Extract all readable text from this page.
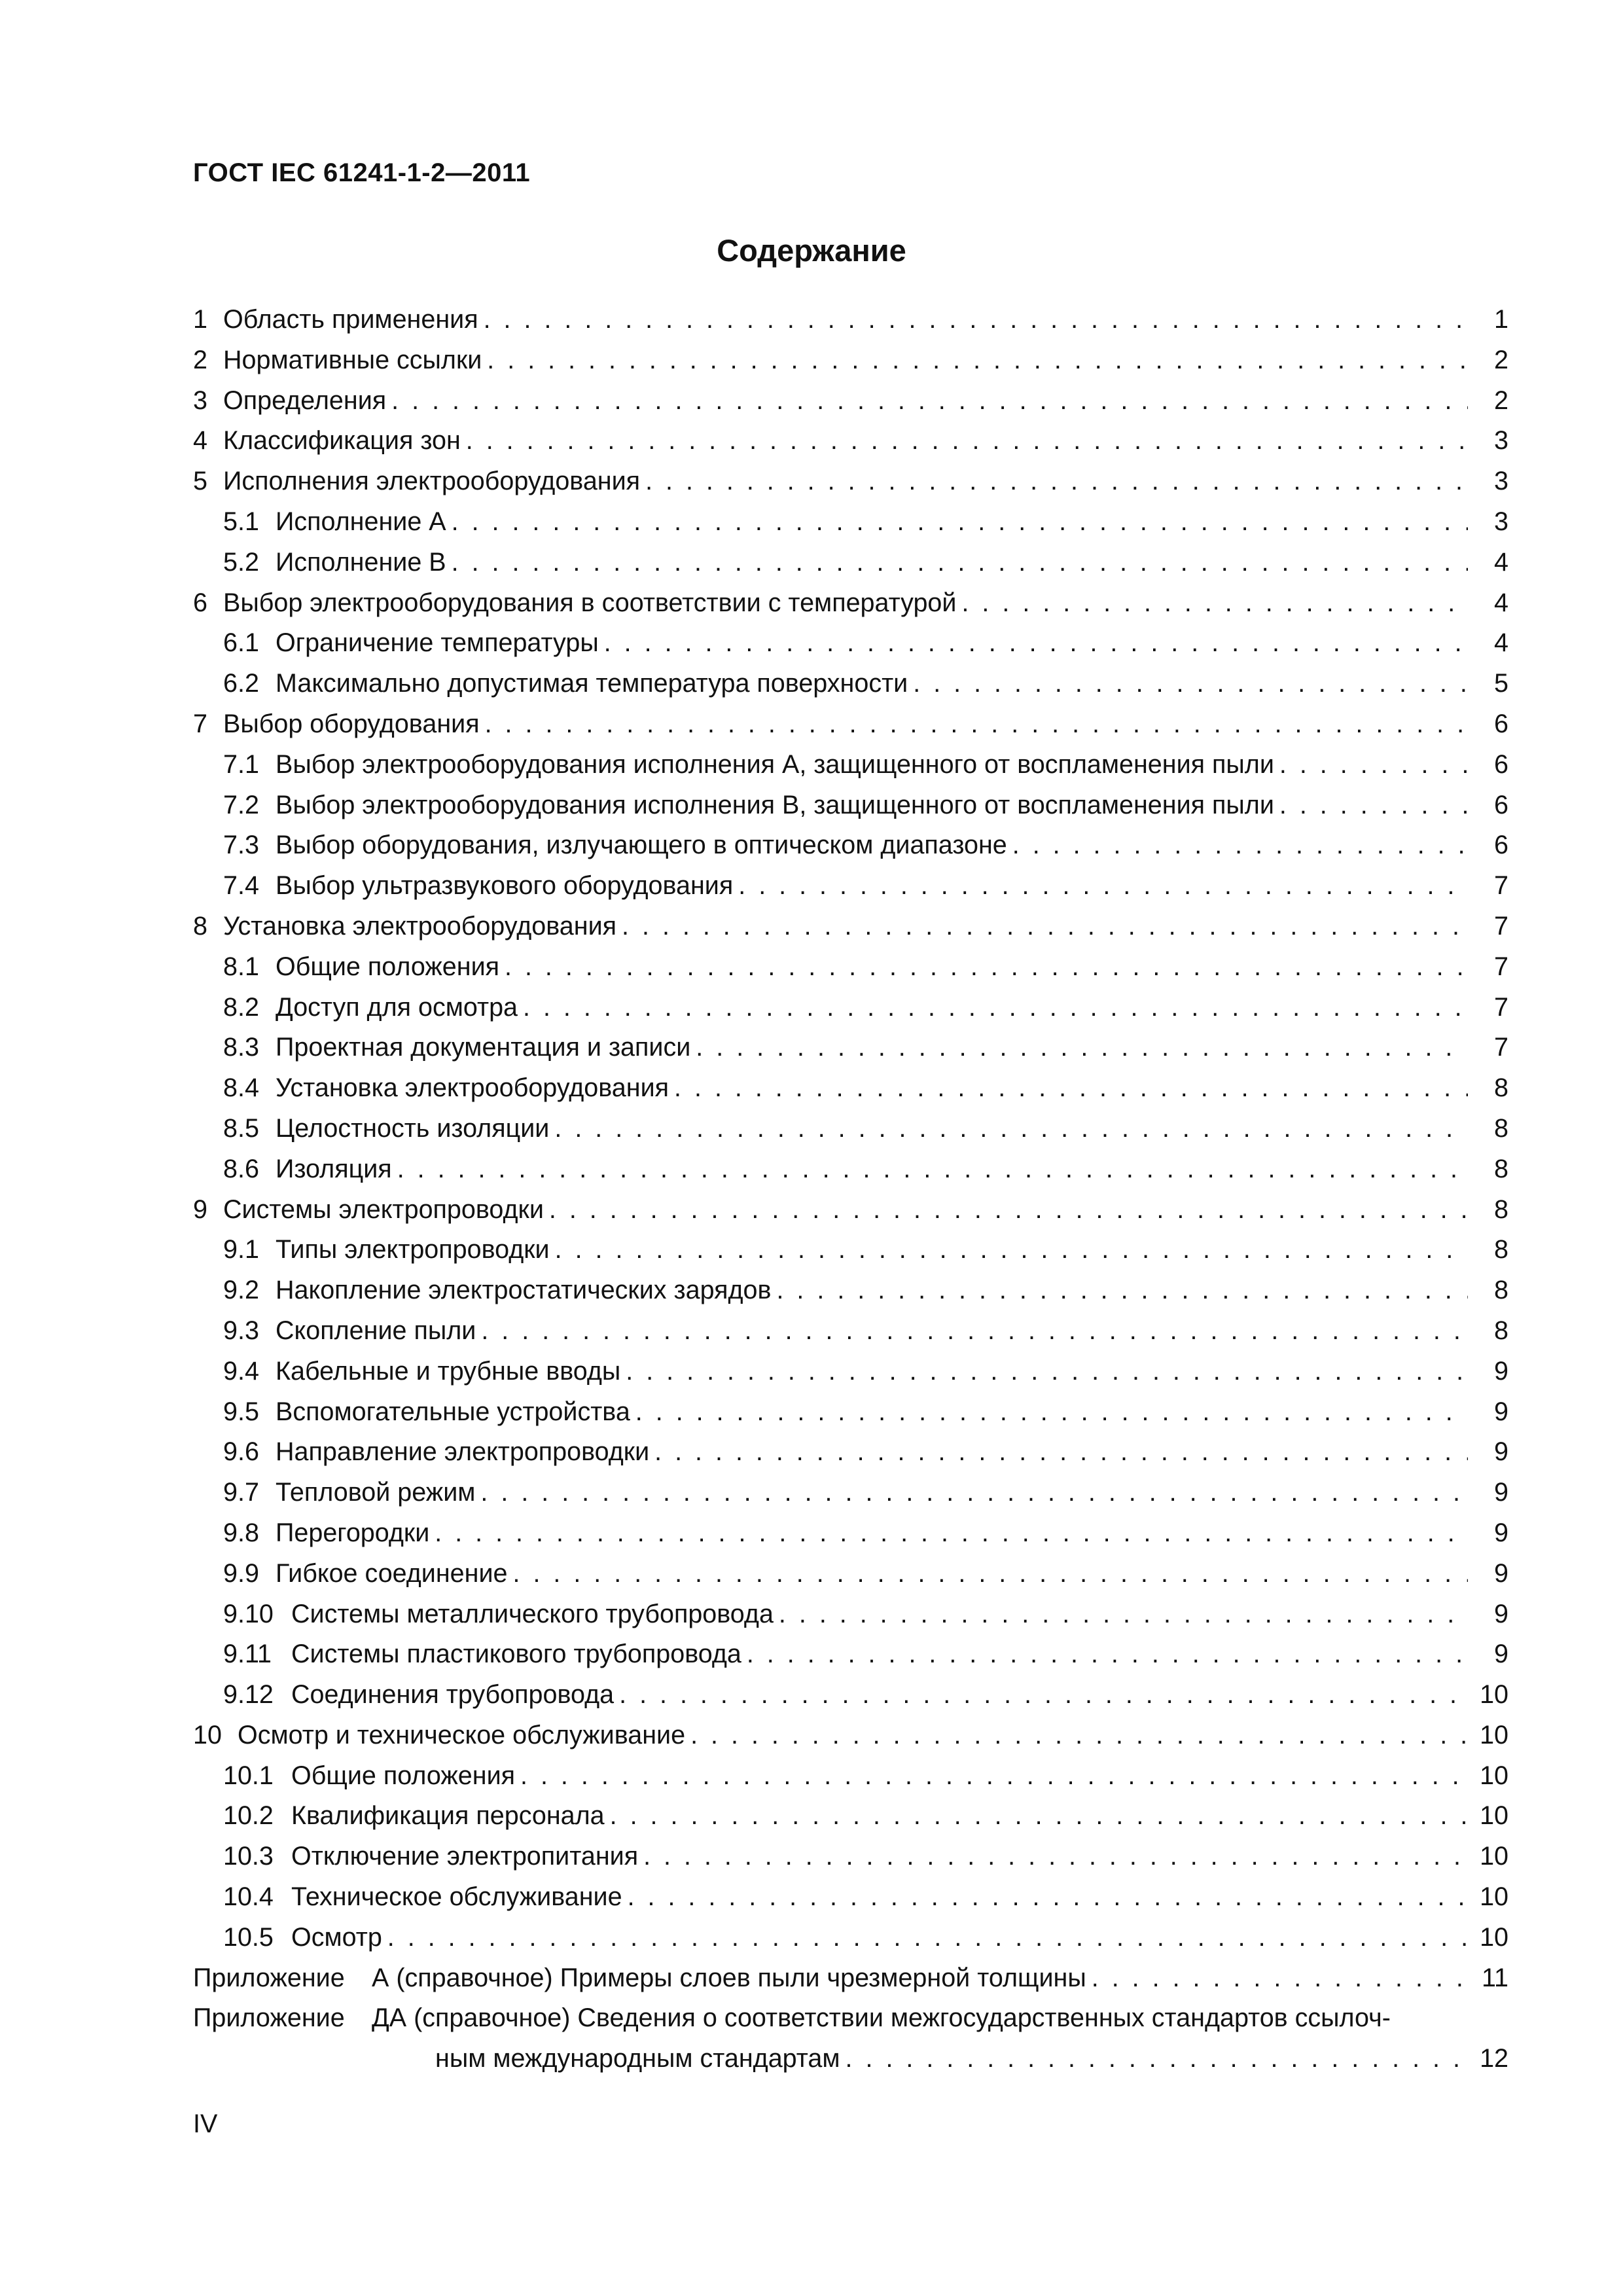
ГОСТ IEC 61241-1-2—2011
Содержание
1 Область применения . . .	1
2 Нормативные ссылки . . .	2
3 Определения . . .	2
4 Классификация зон . . .	3
5 Исполнения электрооборудования . . .	3
5.1 Исполнение А . . .	3
5.2 Исполнение В . . .	4
6 Выбор электрооборудования в соответствии с температурой . . .	4
6.1 Ограничение температуры . . .	4
6.2 Максимально допустимая температура поверхности . . .	5
7 Выбор оборудования . . .	6
7.1 Выбор электрооборудования исполнения А, защищенного от воспламенения пыли . . .	6
7.2 Выбор электрооборудования исполнения В, защищенного от воспламенения пыли . . .	6
7.3 Выбор оборудования, излучающего в оптическом диапазоне . . .	6
7.4 Выбор ультразвукового оборудования . . .	7
8 Установка электрооборудования . . .	7
8.1 Общие положения . . .	7
8.2 Доступ для осмотра . . .	7
8.3 Проектная документация и записи . . .	7
8.4 Установка электрооборудования . . .	8
8.5 Целостность изоляции . . .	8
8.6 Изоляция . . .	8
9 Системы электропроводки . . .	8
9.1 Типы электропроводки . . .	8
9.2 Накопление электростатических зарядов . . .	8
9.3 Скопление пыли . . .	8
9.4 Кабельные и трубные вводы . . .	9
9.5 Вспомогательные устройства . . .	9
9.6 Направление электропроводки . . .	9
9.7 Тепловой режим . . .	9
9.8 Перегородки . . .	9
9.9 Гибкое соединение . . .	9
9.10 Системы металлического трубопровода . . .	9
9.11 Системы пластикового трубопровода . . .	9
9.12 Соединения трубопровода . . .	10
10 Осмотр и техническое обслуживание . . .	10
10.1 Общие положения . . .	10
10.2 Квалификация персонала . . .	10
10.3 Отключение электропитания . . .	10
10.4 Техническое обслуживание . . .	10
10.5 Осмотр . . .	10
Приложение А (справочное) Примеры слоев пыли чрезмерной толщины . . .	11
Приложение ДА (справочное) Сведения о соответствии межгосударственных стандартов ссылоч-
ным международным стандартам . . .	12
IV
